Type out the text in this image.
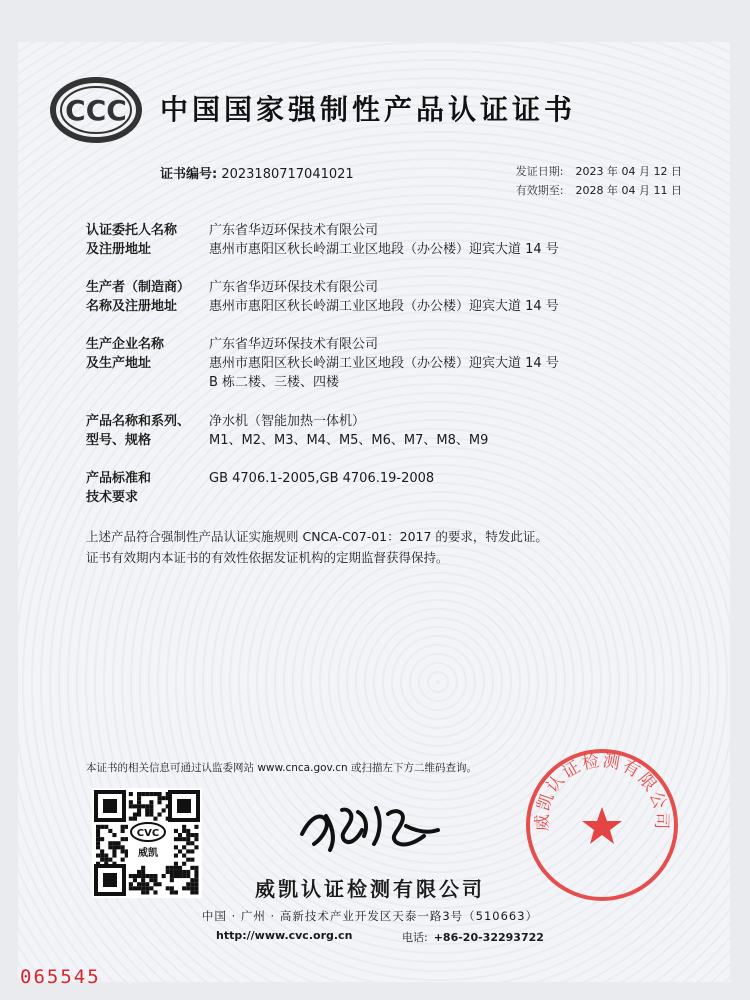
CCC 中国国家强制性产品认证证书
证书编号: 2023180717041021	发证日期: 2023 年 04 月 12 日
有效期至: 2028 年 04 月 11 日
认证委托人名称
及注册地址
广东省华迈环保技术有限公司
惠州市惠阳区秋长岭湖工业区地段（办公楼）迎宾大道 14 号
生产者（制造商）
名称及注册地址
广东省华迈环保技术有限公司
惠州市惠阳区秋长岭湖工业区地段（办公楼）迎宾大道 14 号
生产企业名称
及生产地址
广东省华迈环保技术有限公司
惠州市惠阳区秋长岭湖工业区地段（办公楼）迎宾大道 14 号
B 栋二楼、三楼、四楼
产品名称和系列、
型号、规格
净水机（智能加热一体机）
M1、M2、M3、M4、M5、M6、M7、M8、M9
产品标准和
技术要求
GB 4706.1-2005,GB 4706.19-2008
上述产品符合强制性产品认证实施规则 CNCA-C07-01：2017 的要求，特发此证。
证书有效期内本证书的有效性依据发证机构的定期监督获得保持。
本证书的相关信息可通过认监委网站 www.cnca.gov.cn 或扫描左下方二维码查询。
CVC
威凯
威凯认证检测有限公司
中国 · 广州 · 高新技术产业开发区天泰一路3号（510663）
http://www.cvc.org.cn	电话: +86-20-32293722
威凯认证检测有限公司
065545
